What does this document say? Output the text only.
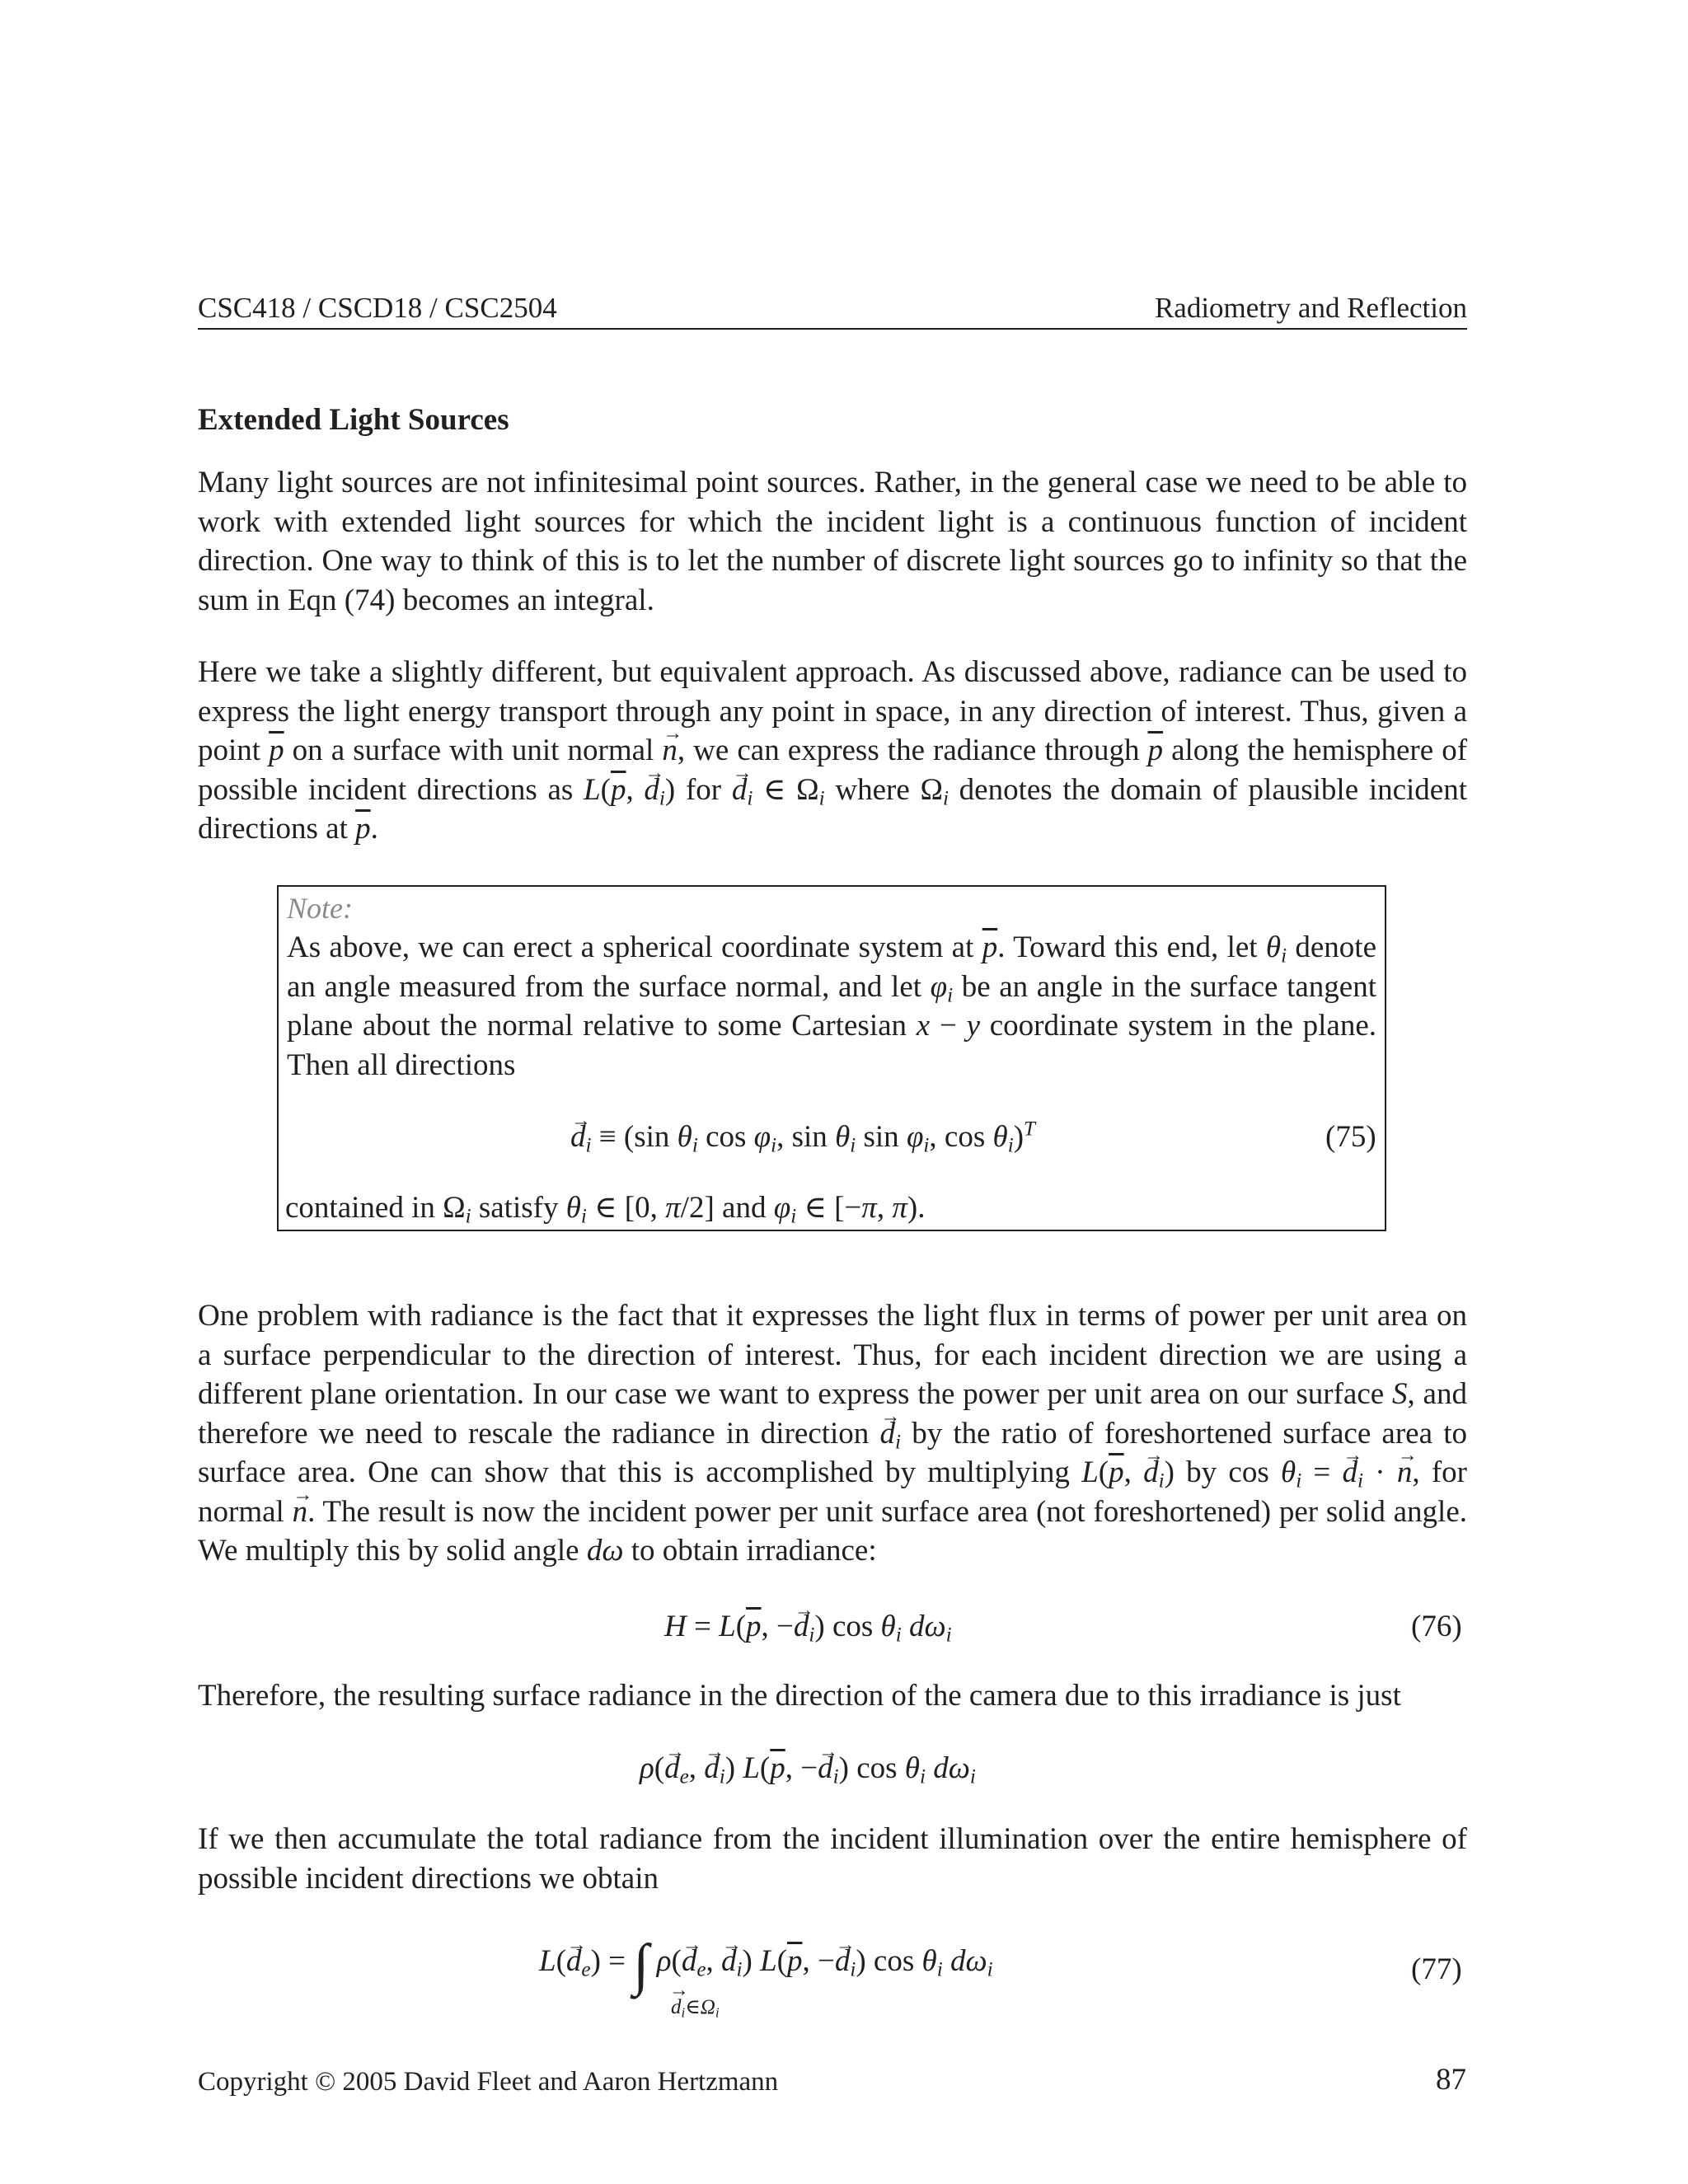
CSC418 / CSCD18 / CSC2504	Radiometry and Reflection
Extended Light Sources

Many light sources are not infinitesimal point sources. Rather, in the general case we need to be able to work with extended light sources for which the incident light is a continuous function of incident direction. One way to think of this is to let the number of discrete light sources go to infinity so that the sum in Eqn (74) becomes an integral.

Here we take a slightly different, but equivalent approach. As discussed above, radiance can be used to express the light energy transport through any point in space, in any direction of interest. Thus, given a point $\overline{p}$ on a surface with unit normal → n, we can express the radiance through $\overline{p}$ along the hemisphere of possible incident directions as $L(\overline{p}$, → $d_i$) for → $d_i$ ∈ $\Omega_i$ where $\Omega_i$ denotes the domain of plausible incident directions at $\overline{p}$.

Note:

As above, we can erect a spherical coordinate system at $\overline{p}$. Toward this end, let $\theta_i$ denote an angle measured from the surface normal, and let $\varphi_i$ be an angle in the surface tangent plane about the normal relative to some Cartesian x − y coordinate system in the plane. Then all directions

→ $d_i \equiv (\sin$ $\theta_i$ $\cos \varphi_i$, $\sin \theta_i$ $\sin \varphi_i$, $\cos \theta_i)^T$	(75)
contained in $\Omega_i$ satisfy $\theta_i$ ∈ [0, π/2] and $\varphi_i$ ∈ [−π, π).

One problem with radiance is the fact that it expresses the light flux in terms of power per unit area on a surface perpendicular to the direction of interest. Thus, for each incident direction we are using a different plane orientation. In our case we want to express the power per unit area on our surface S, and therefore we need to rescale the radiance in direction → $d_i$ by the ratio of foreshortened surface area to surface area. One can show that this is accomplished by multiplying $L(\overline{p}$, → $d_i$) by $\cos \theta_i$ = → $d_i$ · → n, for normal → n. The result is now the incident power per unit surface area (not foreshortened) per solid angle. We multiply this by solid angle dω to obtain irradiance:

$H = L(\overline{p}$, −→ $d_i$) $\cos \theta_i$ $d\omega_i$	(76)

Therefore, the resulting surface radiance in the direction of the camera due to this irradiance is just

$\rho(\to d_e$, → $d_i$) $L(\overline{p}$, −→ $d_i$) $\cos \theta_i$ $d\omega_i$

If we then accumulate the total radiance from the incident illumination over the entire hemisphere of possible incident directions we obtain

$L(\to d_e)$ = ∫ $\rho(\to d_e$, → $d_i$) $L(\overline{p}$, −→ $d_i$) $\cos \theta_i$ $d\omega_i$
→ $d_i\in\Omega_i$
(77)
Copyright © 2005 David Fleet and Aaron Hertzmann	87
